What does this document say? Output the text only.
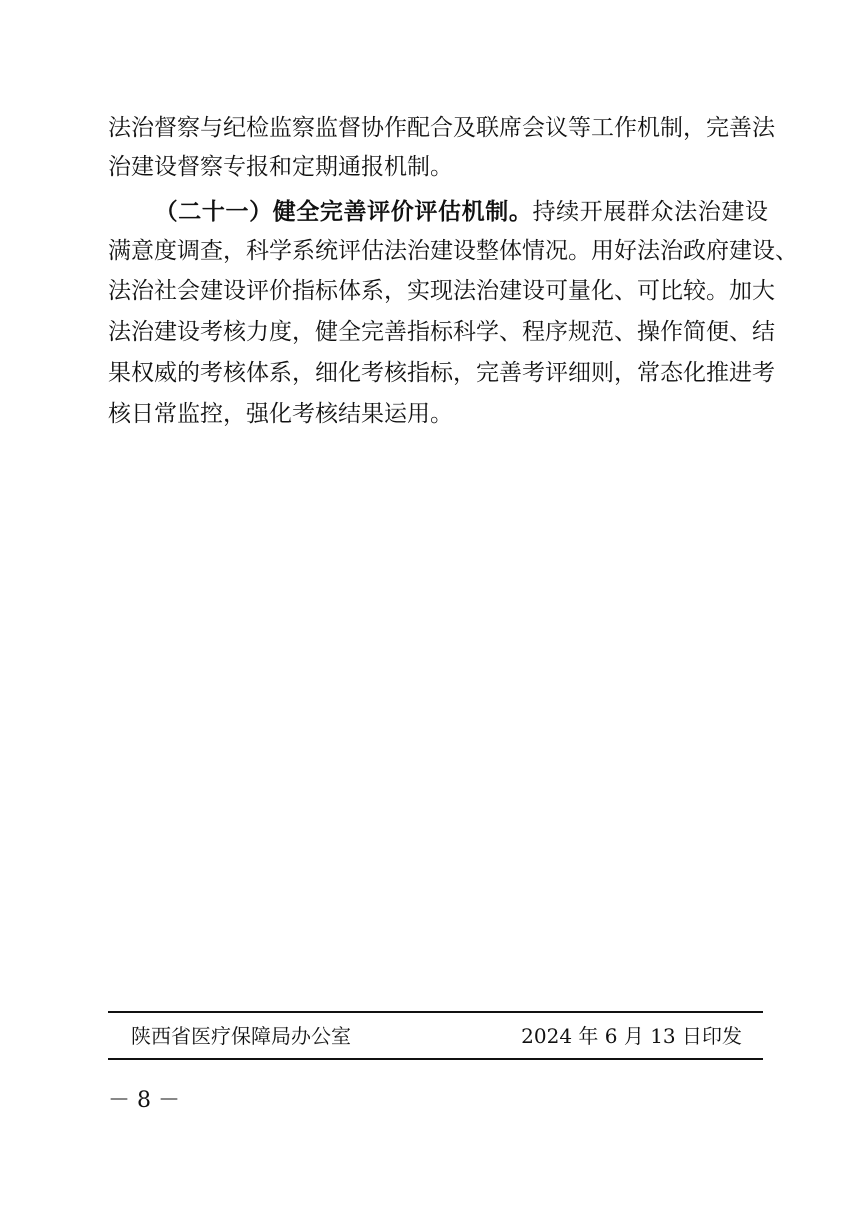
法治督察与纪检监察监督协作配合及联席会议等工作机制，完善法
治建设督察专报和定期通报机制。
（二十一）健全完善评价评估机制。持续开展群众法治建设
满意度调查，科学系统评估法治建设整体情况。用好法治政府建设、
法治社会建设评价指标体系，实现法治建设可量化、可比较。加大
法治建设考核力度，健全完善指标科学、程序规范、操作简便、结
果权威的考核体系，细化考核指标，完善考评细则，常态化推进考
核日常监控，强化考核结果运用。
陕西省医疗保障局办公室	2024 年 6 月 13 日印发
－ 8 －
